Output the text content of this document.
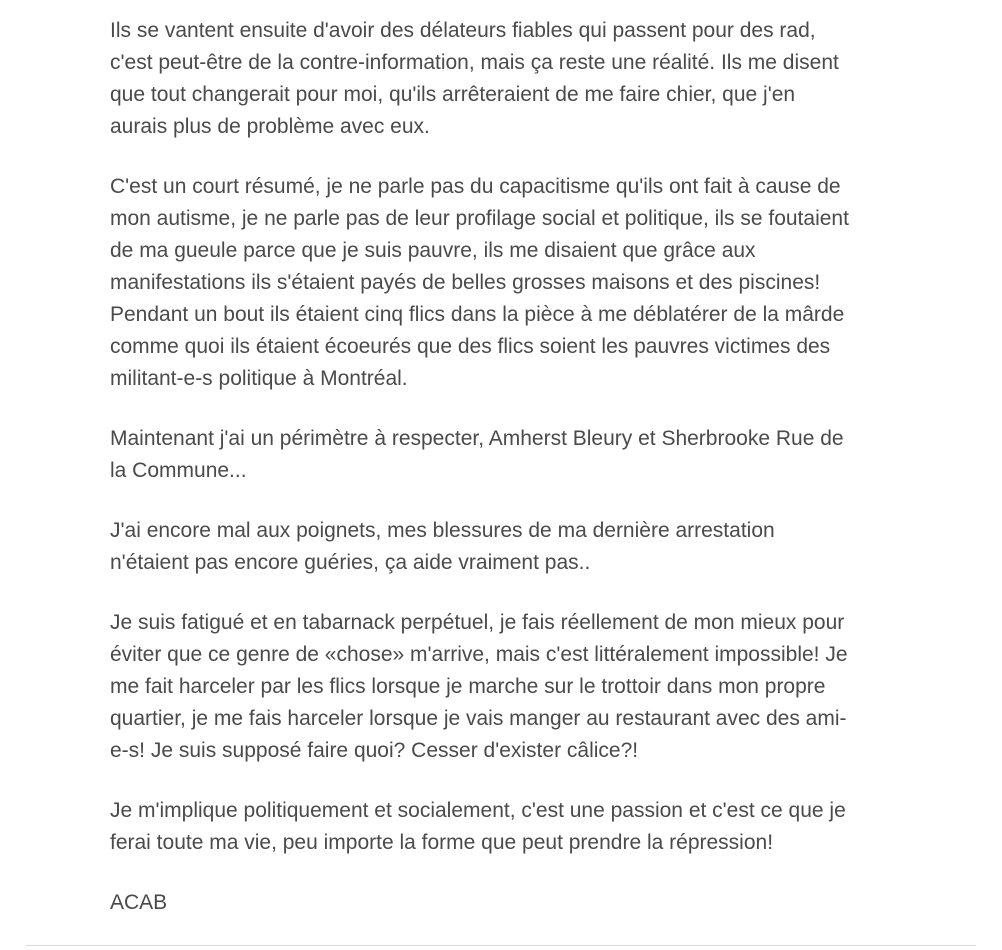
Ils se vantent ensuite d'avoir des délateurs fiables qui passent pour des rad,
c'est peut-être de la contre-information, mais ça reste une réalité. Ils me disent
que tout changerait pour moi, qu'ils arrêteraient de me faire chier, que j'en
aurais plus de problème avec eux.

C'est un court résumé, je ne parle pas du capacitisme qu'ils ont fait à cause de
mon autisme, je ne parle pas de leur profilage social et politique, ils se foutaient
de ma gueule parce que je suis pauvre, ils me disaient que grâce aux
manifestations ils s'étaient payés de belles grosses maisons et des piscines!
Pendant un bout ils étaient cinq flics dans la pièce à me déblatérer de la mârde
comme quoi ils étaient écoeurés que des flics soient les pauvres victimes des
militant-e-s politique à Montréal.

Maintenant j'ai un périmètre à respecter, Amherst Bleury et Sherbrooke Rue de
la Commune...

J'ai encore mal aux poignets, mes blessures de ma dernière arrestation
n'étaient pas encore guéries, ça aide vraiment pas..

Je suis fatigué et en tabarnack perpétuel, je fais réellement de mon mieux pour
éviter que ce genre de «chose» m'arrive, mais c'est littéralement impossible! Je
me fait harceler par les flics lorsque je marche sur le trottoir dans mon propre
quartier, je me fais harceler lorsque je vais manger au restaurant avec des ami-
e-s! Je suis supposé faire quoi? Cesser d'exister câlice?!

Je m'implique politiquement et socialement, c'est une passion et c'est ce que je
ferai toute ma vie, peu importe la forme que peut prendre la répression!

ACAB
